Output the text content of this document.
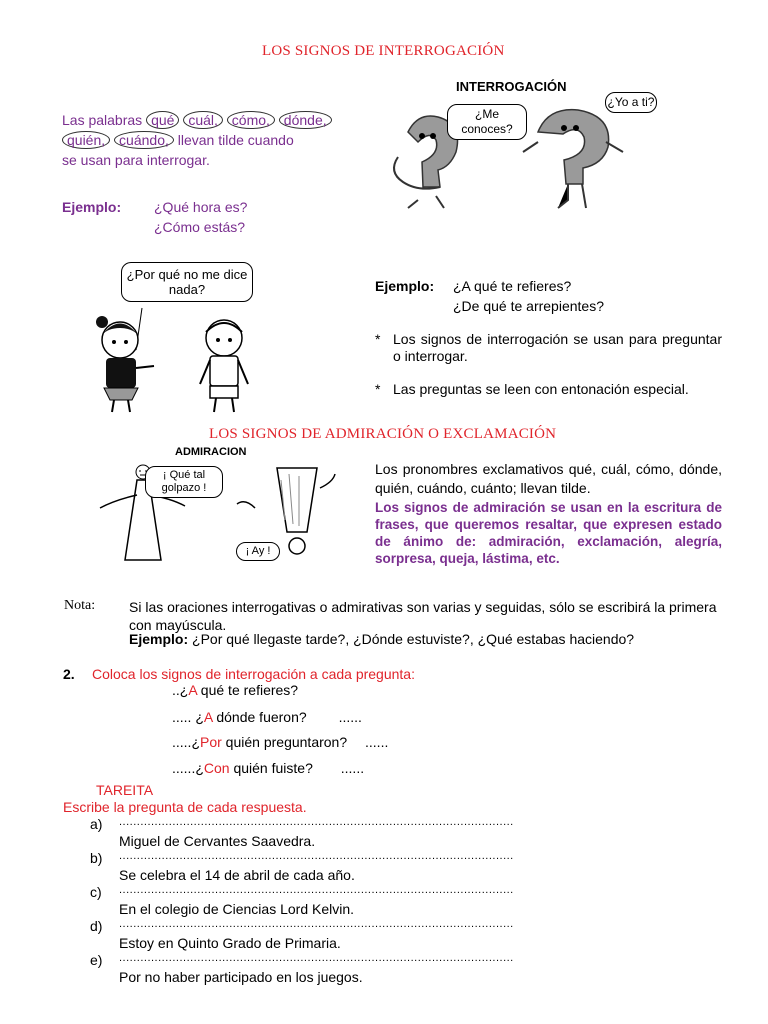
LOS SIGNOS DE INTERROGACIÓN
Las palabras qué cuál, cómo, dónde,
quién, cuándo, llevan tilde cuando
se usan para interrogar.
Ejemplo: ¿Qué hora es?
¿Cómo estás?
INTERROGACIÓN
¿Me conoces?
¿Yo a ti?
¿Por qué no me dice nada?	Ejemplo: ¿A qué te refieres?
¿De qué te arrepientes?
* Los signos de interrogación se usan para preguntar o interrogar.
* Las preguntas se leen con entonación especial.
LOS SIGNOS DE ADMIRACIÓN O EXCLAMACIÓN
ADMIRACION
¡ Qué tal golpazo !
¡ Ay !
Los pronombres exclamativos qué, cuál, cómo, dónde, quién, cuándo, cuánto; llevan tilde.
Los signos de admiración se usan en la escritura de frases, que queremos resaltar, que expresen estado de ánimo de: admiración, exclamación, alegría, sorpresa, queja, lástima, etc.
Nota: Si las oraciones interrogativas o admirativas son varias y seguidas, sólo se escribirá la primera con mayúscula.
Ejemplo: ¿Por qué llegaste tarde?, ¿Dónde estuviste?, ¿Qué estabas haciendo?
2. Coloca los signos de interrogación a cada pregunta:
..¿A qué te refieres?
..... ¿A dónde fueron? ......
.....¿Por quién preguntaron? ......
......¿Con quién fuiste? ......
TAREITA
Escribe la pregunta de cada respuesta.
a) ...............................................................................................................
Miguel de Cervantes Saavedra.
b) ...............................................................................................................
Se celebra el 14 de abril de cada año.
c) ...............................................................................................................
En el colegio de Ciencias Lord Kelvin.
d) ...............................................................................................................
Estoy en Quinto Grado de Primaria.
e) ...............................................................................................................
Por no haber participado en los juegos.
